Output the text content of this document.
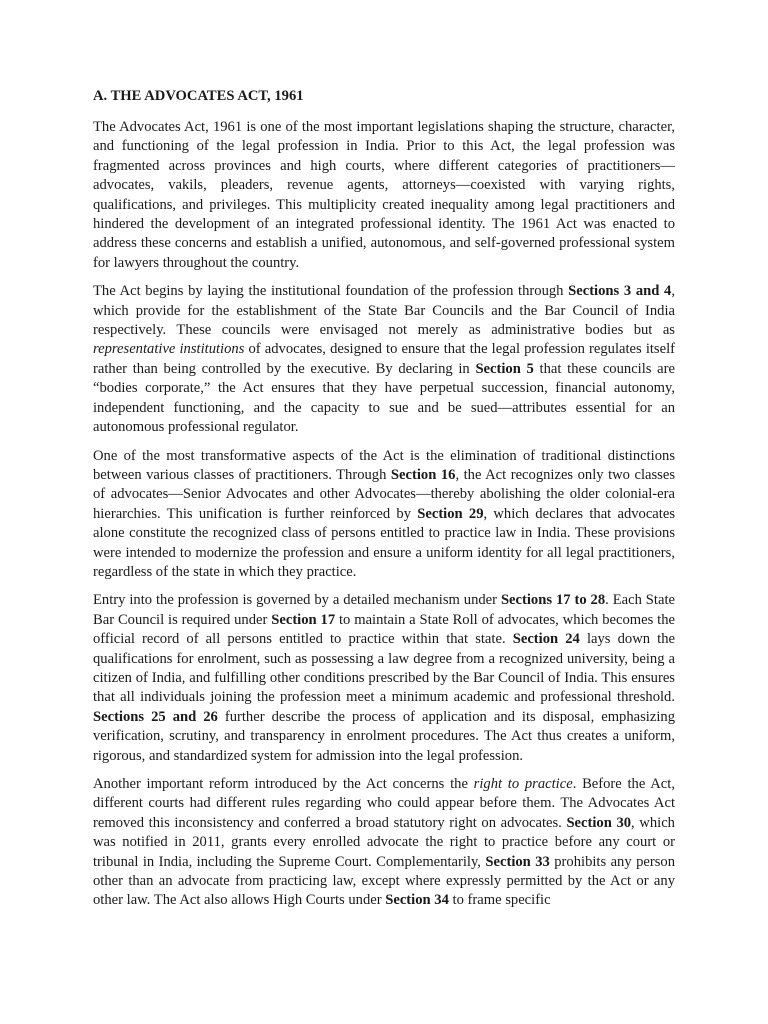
A. THE ADVOCATES ACT, 1961

The Advocates Act, 1961 is one of the most important legislations shaping the structure, character, and functioning of the legal profession in India. Prior to this Act, the legal profession was fragmented across provinces and high courts, where different categories of practitioners—advocates, vakils, pleaders, revenue agents, attorneys—coexisted with varying rights, qualifications, and privileges. This multiplicity created inequality among legal practitioners and hindered the development of an integrated professional identity. The 1961 Act was enacted to address these concerns and establish a unified, autonomous, and self-governed professional system for lawyers throughout the country.

The Act begins by laying the institutional foundation of the profession through Sections 3 and 4, which provide for the establishment of the State Bar Councils and the Bar Council of India respectively. These councils were envisaged not merely as administrative bodies but as representative institutions of advocates, designed to ensure that the legal profession regulates itself rather than being controlled by the executive. By declaring in Section 5 that these councils are “bodies corporate,” the Act ensures that they have perpetual succession, financial autonomy, independent functioning, and the capacity to sue and be sued—attributes essential for an autonomous professional regulator.

One of the most transformative aspects of the Act is the elimination of traditional distinctions between various classes of practitioners. Through Section 16, the Act recognizes only two classes of advocates—Senior Advocates and other Advocates—thereby abolishing the older colonial-era hierarchies. This unification is further reinforced by Section 29, which declares that advocates alone constitute the recognized class of persons entitled to practice law in India. These provisions were intended to modernize the profession and ensure a uniform identity for all legal practitioners, regardless of the state in which they practice.

Entry into the profession is governed by a detailed mechanism under Sections 17 to 28. Each State Bar Council is required under Section 17 to maintain a State Roll of advocates, which becomes the official record of all persons entitled to practice within that state. Section 24 lays down the qualifications for enrolment, such as possessing a law degree from a recognized university, being a citizen of India, and fulfilling other conditions prescribed by the Bar Council of India. This ensures that all individuals joining the profession meet a minimum academic and professional threshold. Sections 25 and 26 further describe the process of application and its disposal, emphasizing verification, scrutiny, and transparency in enrolment procedures. The Act thus creates a uniform, rigorous, and standardized system for admission into the legal profession.

Another important reform introduced by the Act concerns the right to practice. Before the Act, different courts had different rules regarding who could appear before them. The Advocates Act removed this inconsistency and conferred a broad statutory right on advocates. Section 30, which was notified in 2011, grants every enrolled advocate the right to practice before any court or tribunal in India, including the Supreme Court. Complementarily, Section 33 prohibits any person other than an advocate from practicing law, except where expressly permitted by the Act or any other law. The Act also allows High Courts under Section 34 to frame specific
